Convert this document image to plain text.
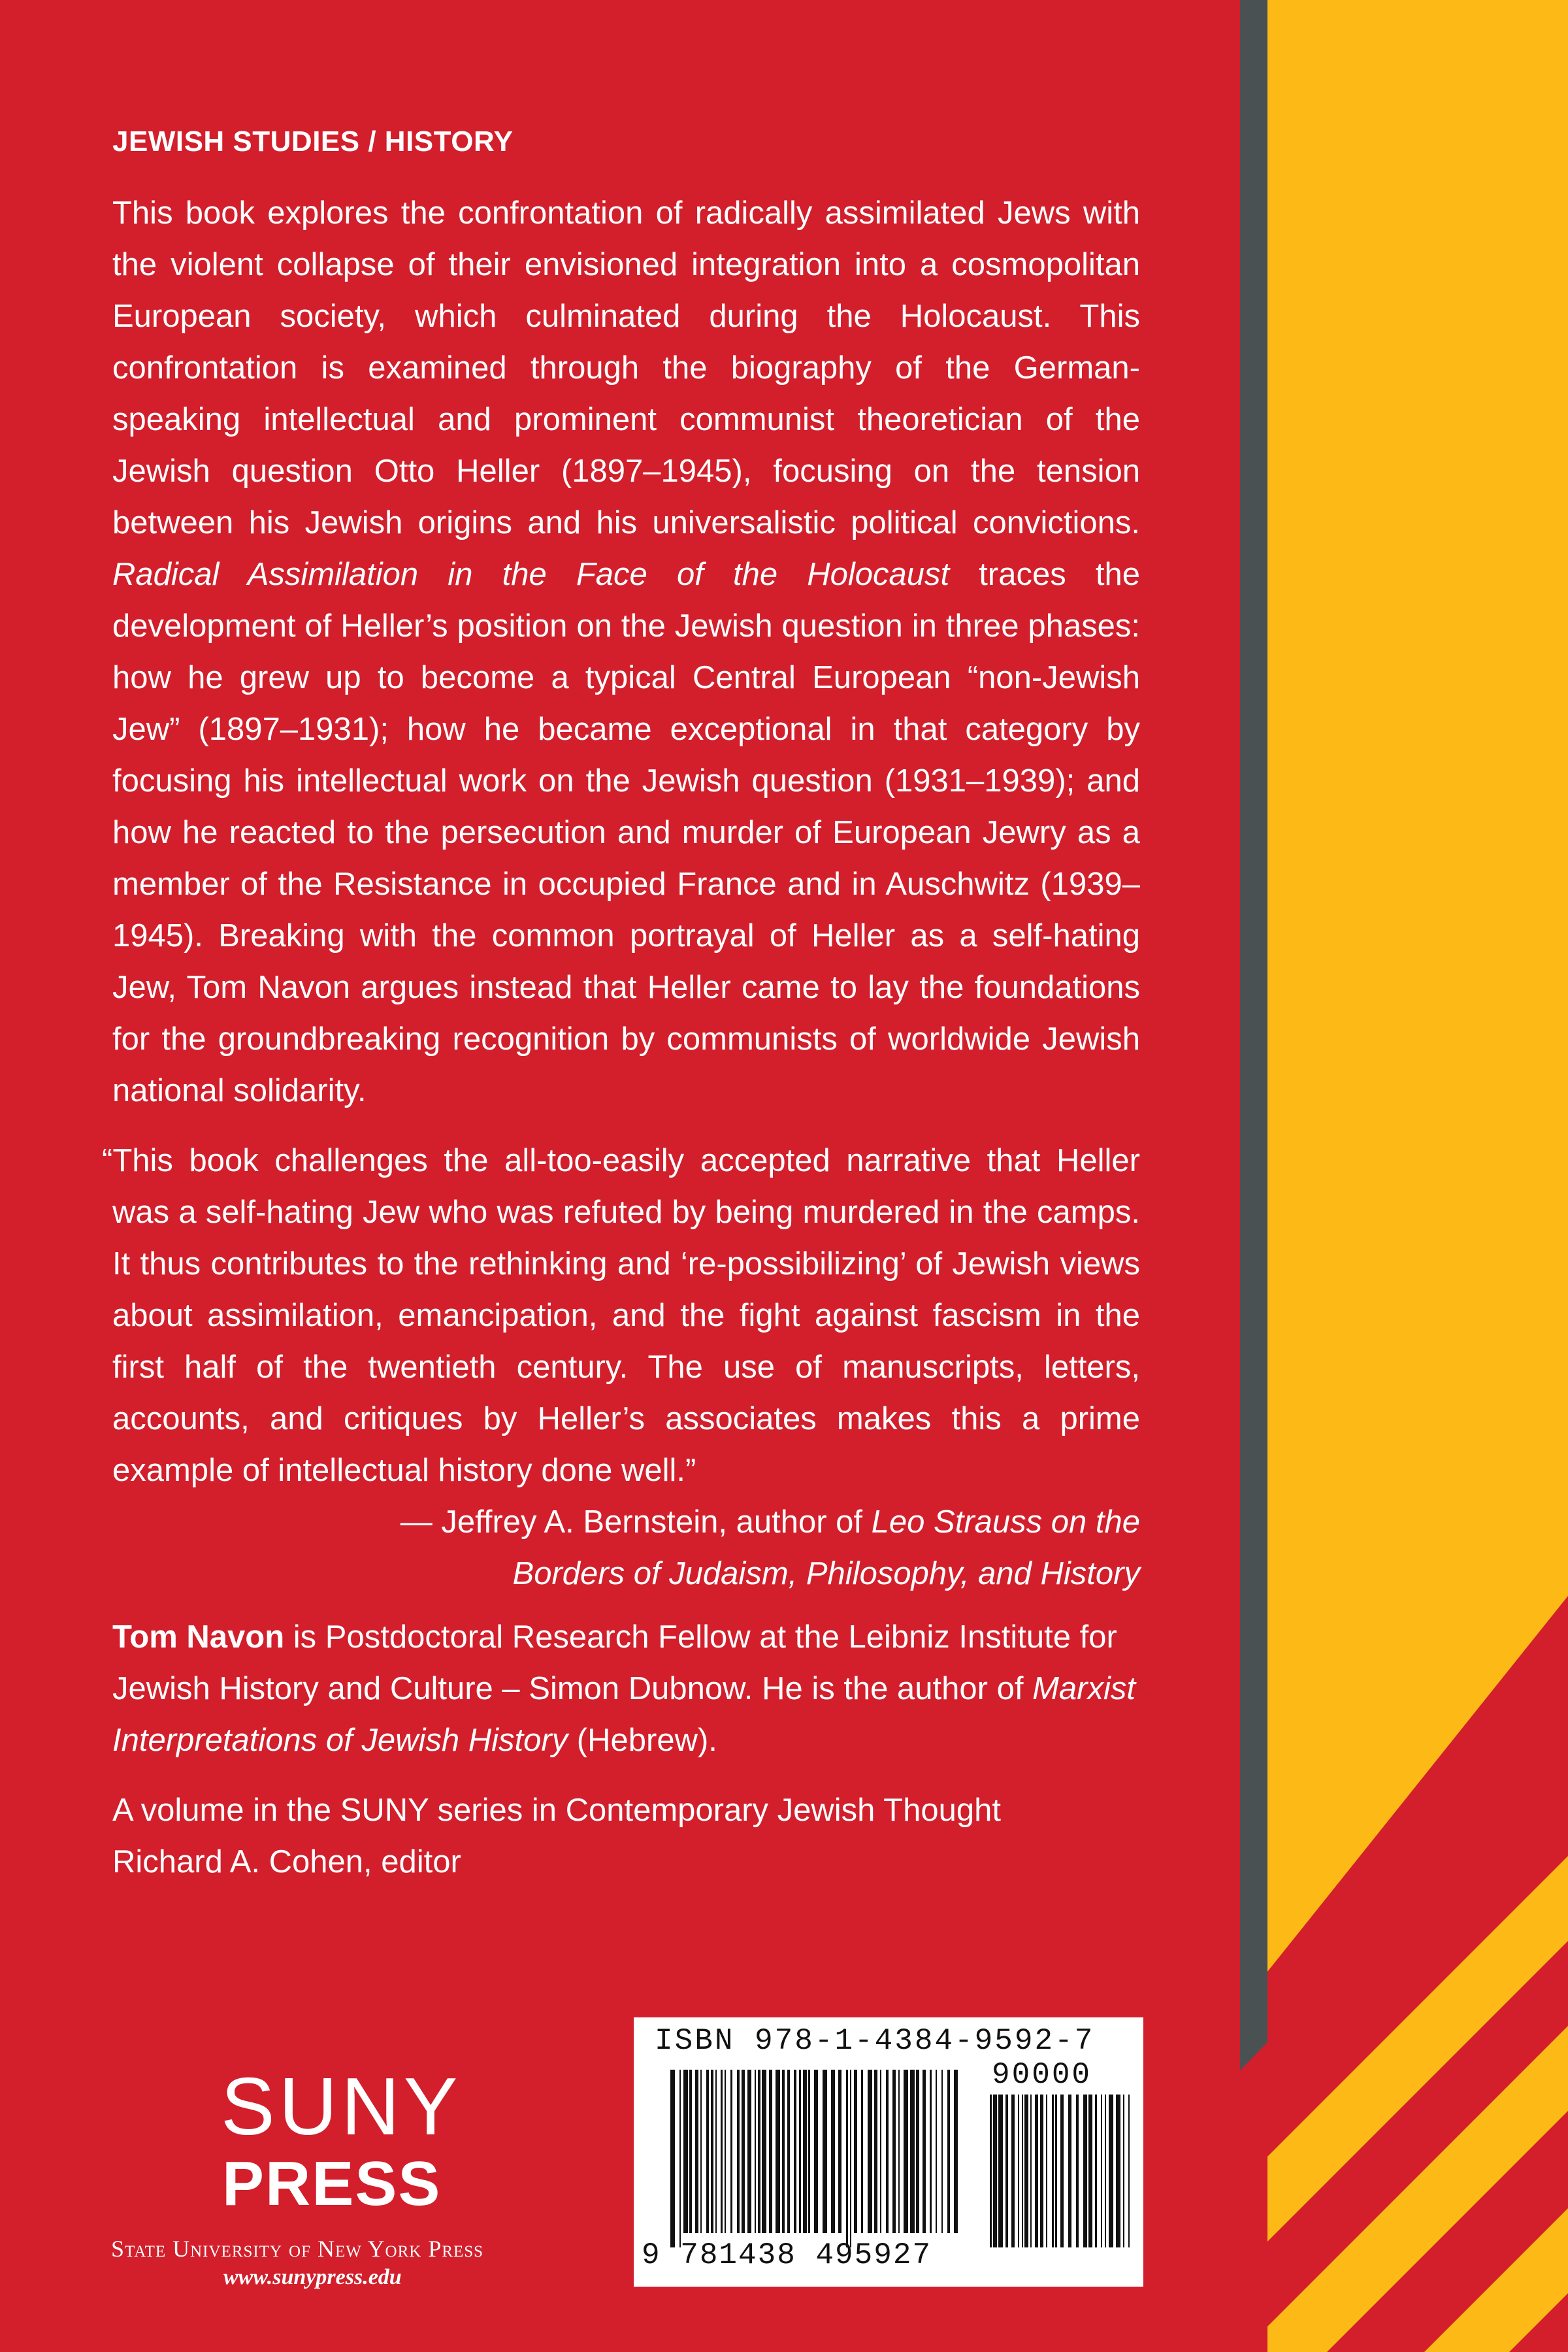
JEWISH STUDIES / HISTORY

This book explores the confrontation of radically assimilated Jews with the violent collapse of their envisioned integration into a cosmopolitan European society, which culminated during the Holocaust. This confrontation is examined through the biography of the German-speaking intellectual and prominent communist theoretician of the Jewish question Otto Heller (1897–1945), focusing on the tension between his Jewish origins and his universalistic political convictions. Radical Assimilation in the Face of the Holocaust traces the development of Heller’s position on the Jewish question in three phases: how he grew up to become a typical Central European “non-Jewish Jew” (1897–1931); how he became exceptional in that category by focusing his intellectual work on the Jewish question (1931–1939); and how he reacted to the persecution and murder of European Jewry as a member of the Resistance in occupied France and in Auschwitz (1939–1945). Breaking with the common portrayal of Heller as a self-hating Jew, Tom Navon argues instead that Heller came to lay the foundations for the groundbreaking recognition by communists of worldwide Jewish national solidarity.

“This book challenges the all-too-easily accepted narrative that Heller was a self-hating Jew who was refuted by being murdered in the camps. It thus contributes to the rethinking and ‘re-possibilizing’ of Jewish views about assimilation, emancipation, and the fight against fascism in the first half of the twentieth century. The use of manuscripts, letters, accounts, and critiques by Heller’s associates makes this a prime example of intellectual history done well.”

— Jeffrey A. Bernstein, author of Leo Strauss on the
Borders of Judaism, Philosophy, and History

Tom Navon is Postdoctoral Research Fellow at the Leibniz Institute for Jewish History and Culture – Simon Dubnow. He is the author of Marxist Interpretations of Jewish History (Hebrew).

A volume in the SUNY series in Contemporary Jewish Thought
Richard A. Cohen, editor

SUNY
PRESS
State University of New York Press
www.sunypress.edu
ISBN 978-1-4384-9592-7
90000
9 781438 495927
